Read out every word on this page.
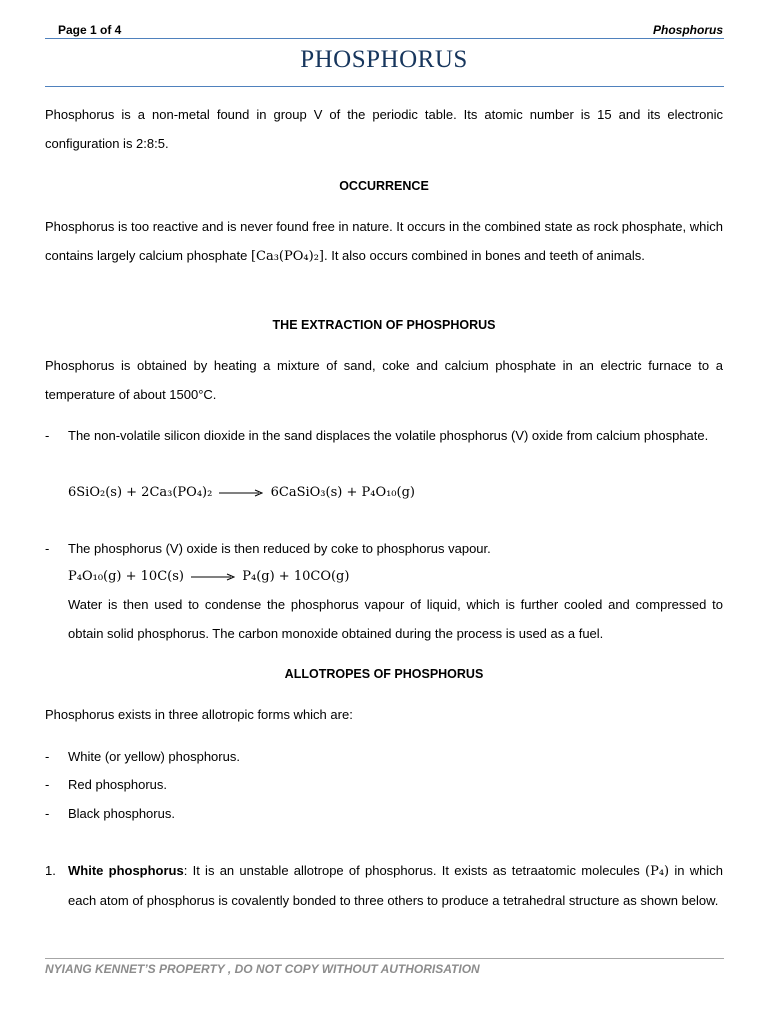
Page 1 of 4	Phosphorus
PHOSPHORUS
Phosphorus is a non-metal found in group V of the periodic table. Its atomic number is 15 and its electronic configuration is 2:8:5.
OCCURRENCE
Phosphorus is too reactive and is never found free in nature. It occurs in the combined state as rock phosphate, which contains largely calcium phosphate [Ca₃(PO₄)₂]. It also occurs combined in bones and teeth of animals.
THE EXTRACTION OF PHOSPHORUS
Phosphorus is obtained by heating a mixture of sand, coke and calcium phosphate in an electric furnace to a temperature of about 1500°C.
- The non-volatile silicon dioxide in the sand displaces the volatile phosphorus (V) oxide from calcium phosphate.
6SiO₂(s) + 2Ca₃(PO₄)₂ → 6CaSiO₃(s) + P₄O₁₀(g)
- The phosphorus (V) oxide is then reduced by coke to phosphorus vapour.
P₄O₁₀(g) + 10C(s) → P₄(g) + 10CO(g)
Water is then used to condense the phosphorus vapour of liquid, which is further cooled and compressed to obtain solid phosphorus. The carbon monoxide obtained during the process is used as a fuel.
ALLOTROPES OF PHOSPHORUS
Phosphorus exists in three allotropic forms which are:
- White (or yellow) phosphorus.
- Red phosphorus.
- Black phosphorus.
1. White phosphorus: It is an unstable allotrope of phosphorus. It exists as tetraatomic molecules (P₄) in which each atom of phosphorus is covalently bonded to three others to produce a tetrahedral structure as shown below.
NYIANG KENNET’S PROPERTY , DO NOT COPY WITHOUT AUTHORISATION
